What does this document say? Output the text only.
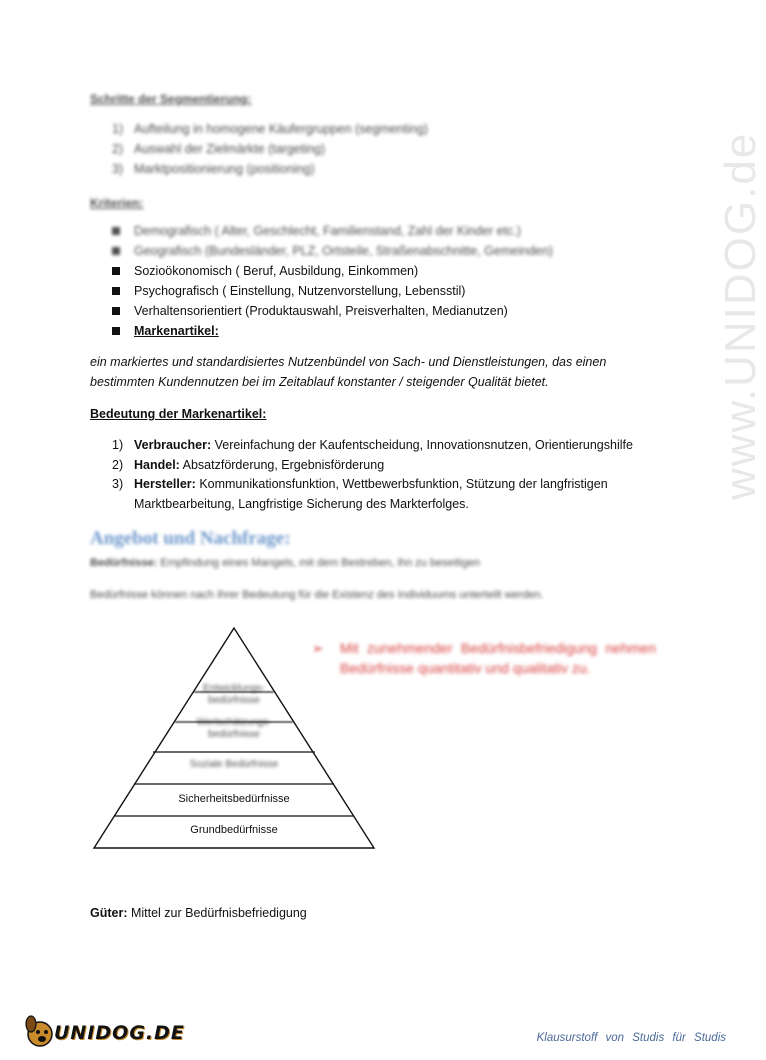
www.UNIDOG.de
Schritte der Segmentierung:
1) Aufteilung in homogene Käufergruppen (segmenting)
2) Auswahl der Zielmärkte (targeting)
3) Marktpositionierung (positioning)
Kriterien:
Demografisch ( Alter, Geschlecht, Familienstand, Zahl der Kinder etc.)
Geografisch (Bundesländer, PLZ, Ortsteile, Straßenabschnitte, Gemeinden)
Sozioökonomisch ( Beruf, Ausbildung, Einkommen)
Psychografisch ( Einstellung, Nutzenvorstellung, Lebensstil)
Verhaltensorientiert (Produktauswahl, Preisverhalten, Medianutzen)
Markenartikel:
ein markiertes und standardisiertes Nutzenbündel von Sach- und Dienstleistungen, das einen
bestimmten Kundennutzen bei im Zeitablauf konstanter / steigender Qualität bietet.
Bedeutung der Markenartikel:
1) Verbraucher: Vereinfachung der Kaufentscheidung, Innovationsnutzen, Orientierungshilfe
2) Handel: Absatzförderung, Ergebnisförderung
3) Hersteller: Kommunikationsfunktion, Wettbewerbsfunktion, Stützung der langfristigen
Marktbearbeitung, Langfristige Sicherung des Markterfolges.
Angebot und Nachfrage:
Bedürfnisse: Empfindung eines Mangels, mit dem Bestreben, ihn zu beseitigen
Bedürfnisse können nach ihrer Bedeutung für die Existenz des Individuums unterteilt werden.
Entwicklungs-
bedürfnisse
Wertschätzungs-
bedürfnisse
Soziale Bedürfnisse
Sicherheitsbedürfnisse
Grundbedürfnisse
➢ Mit zunehmender Bedürfnisbefriedigung nehmen Bedürfnisse quantitativ und qualitativ zu.
Güter: Mittel zur Bedürfnisbefriedigung
UNIDOG.DE	Klausurstoff von Studis für Studis
